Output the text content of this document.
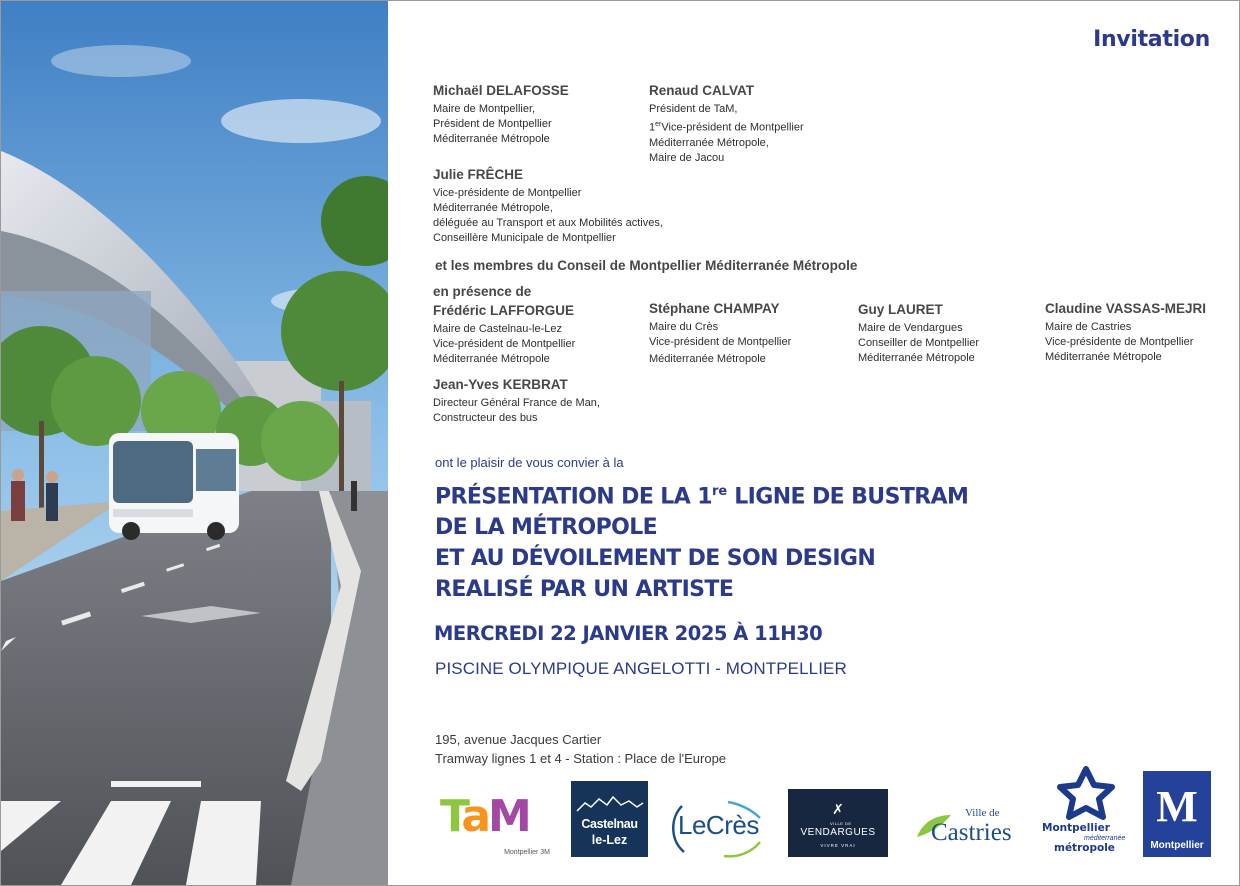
Invitation
Michaël DELAFOSSE
Maire de Montpellier,
Président de Montpellier
Méditerranée Métropole
Renaud CALVAT
Président de TaM,
1erVice-président de Montpellier
Méditerranée Métropole,
Maire de Jacou
Julie FRÊCHE
Vice-présidente de Montpellier
Méditerranée Métropole,
déléguée au Transport et aux Mobilités actives,
Conseillère Municipale de Montpellier
et les membres du Conseil de Montpellier Méditerranée Métropole
en présence de
Frédéric LAFFORGUE
Maire de Castelnau-le-Lez
Vice-président de Montpellier
Méditerranée Métropole
Stéphane CHAMPAY
Maire du Crès
Vice-président de Montpellier
Méditerranée Métropole
Guy LAURET
Maire de Vendargues
Conseiller de Montpellier
Méditerranée Métropole
Claudine VASSAS-MEJRI
Maire de Castries
Vice-présidente de Montpellier
Méditerranée Métropole
Jean-Yves KERBRAT
Directeur Général France de Man,
Constructeur des bus
ont le plaisir de vous convier à la
PRÉSENTATION DE LA 1re LIGNE DE BUSTRAM
DE LA MÉTROPOLE
ET AU DÉVOILEMENT DE SON DESIGN
REALISÉ PAR UN ARTISTE
MERCREDI 22 JANVIER 2025 À 11H30
PISCINE OLYMPIQUE ANGELOTTI - MONTPELLIER
195, avenue Jacques Cartier
Tramway lignes 1 et 4 - Station : Place de l'Europe
TaM
Montpellier 3M
Castelnau
le-Lez	LeCrès
✗
VILLE DE
VENDARGUES
VIVRE VRAI
Ville de
Castries	Montpellier
méditerranée
métropole
M
Montpellier
